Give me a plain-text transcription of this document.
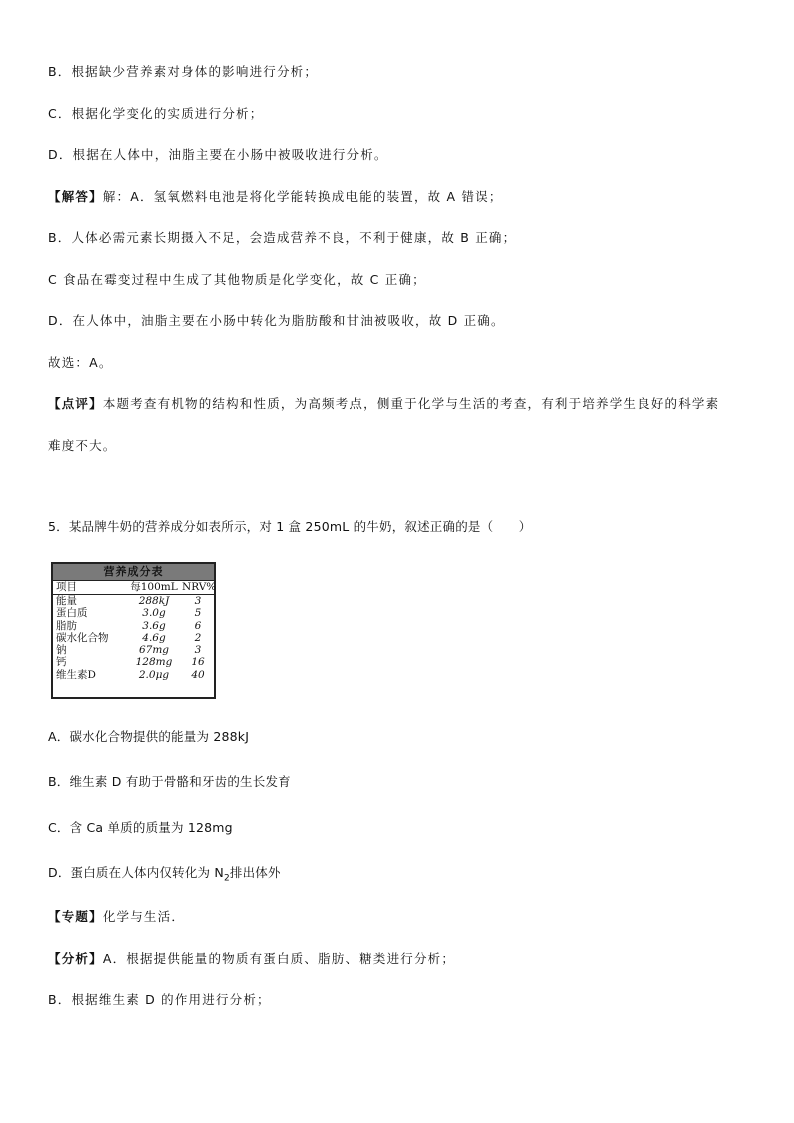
B．根据缺少营养素对身体的影响进行分析；
C．根据化学变化的实质进行分析；
D．根据在人体中，油脂主要在小肠中被吸收进行分析。
【解答】解：A．氢氧燃料电池是将化学能转换成电能的装置，故 A 错误；
B．人体必需元素长期摄入不足，会造成营养不良，不利于健康，故 B 正确；
C 食品在霉变过程中生成了其他物质是化学变化，故 C 正确；
D．在人体中，油脂主要在小肠中转化为脂肪酸和甘油被吸收，故 D 正确。
故选：A。
【点评】本题考查有机物的结构和性质，为高频考点，侧重于化学与生活的考查，有利于培养学生良好的科学素
难度不大。
5．某品牌牛奶的营养成分如表所示，对 1 盒 250mL 的牛奶，叙述正确的是（　　）
营养成分表
项目	每100mL NRV%
能量	288kJ	3
蛋白质	3.0g	5
脂肪	3.6g	6
碳水化合物	4.6g	2
钠	67mg	3
钙	128mg	16
维生素D	2.0μg	40
A．碳水化合物提供的能量为 288kJ
B．维生素 D 有助于骨骼和牙齿的生长发育
C．含 Ca 单质的质量为 128mg
D．蛋白质在人体内仅转化为 $N_2$排出体外
【专题】化学与生活．
【分析】A．根据提供能量的物质有蛋白质、脂肪、糖类进行分析；
B．根据维生素 D 的作用进行分析；
